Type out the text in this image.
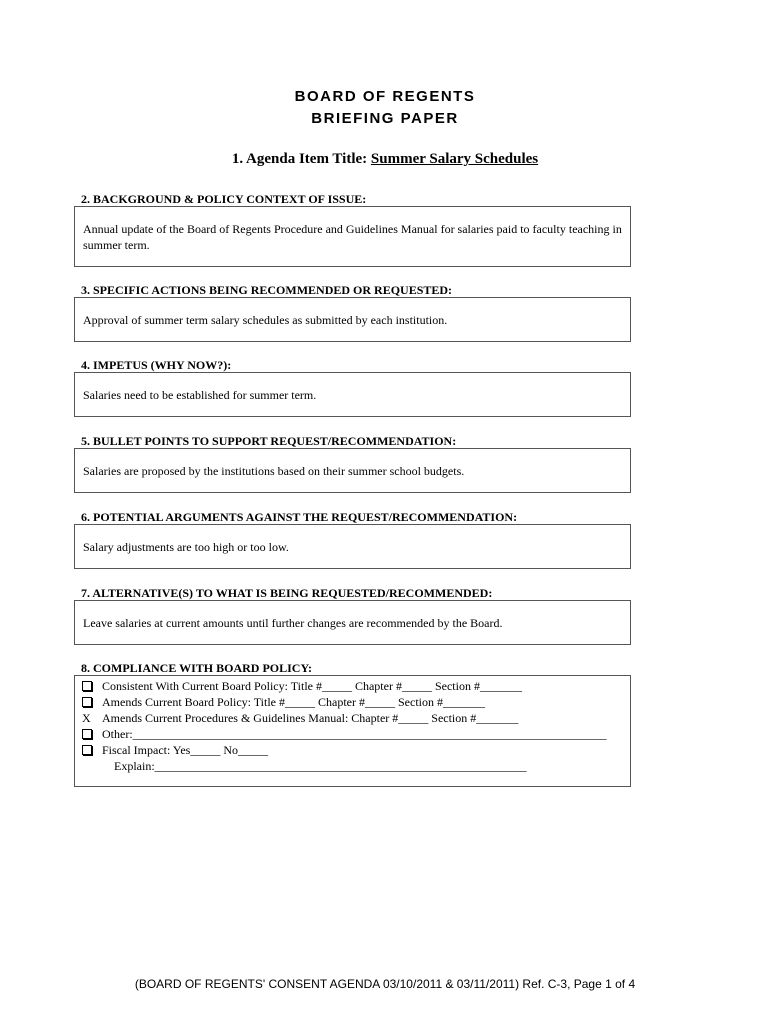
BOARD OF REGENTS
BRIEFING PAPER
1. Agenda Item Title: Summer Salary Schedules
2. BACKGROUND & POLICY CONTEXT OF ISSUE:
Annual update of the Board of Regents Procedure and Guidelines Manual for salaries paid to faculty teaching in summer term.
3. SPECIFIC ACTIONS BEING RECOMMENDED OR REQUESTED:
Approval of summer term salary schedules as submitted by each institution.
4. IMPETUS (WHY NOW?):
Salaries need to be established for summer term.
5. BULLET POINTS TO SUPPORT REQUEST/RECOMMENDATION:
Salaries are proposed by the institutions based on their summer school budgets.
6. POTENTIAL ARGUMENTS AGAINST THE REQUEST/RECOMMENDATION:
Salary adjustments are too high or too low.
7. ALTERNATIVE(S) TO WHAT IS BEING REQUESTED/RECOMMENDED:
Leave salaries at current amounts until further changes are recommended by the Board.
8. COMPLIANCE WITH BOARD POLICY:
Consistent With Current Board Policy: Title #_____ Chapter #_____ Section #_______
Amends Current Board Policy: Title #_____ Chapter #_____ Section #_______
X Amends Current Procedures & Guidelines Manual: Chapter #_____ Section #_______
Other:_______________________________________________________________________________
Fiscal Impact: Yes_____ No_____
Explain:______________________________________________________________
(BOARD OF REGENTS' CONSENT AGENDA 03/10/2011 & 03/11/2011) Ref. C-3, Page 1 of 4
